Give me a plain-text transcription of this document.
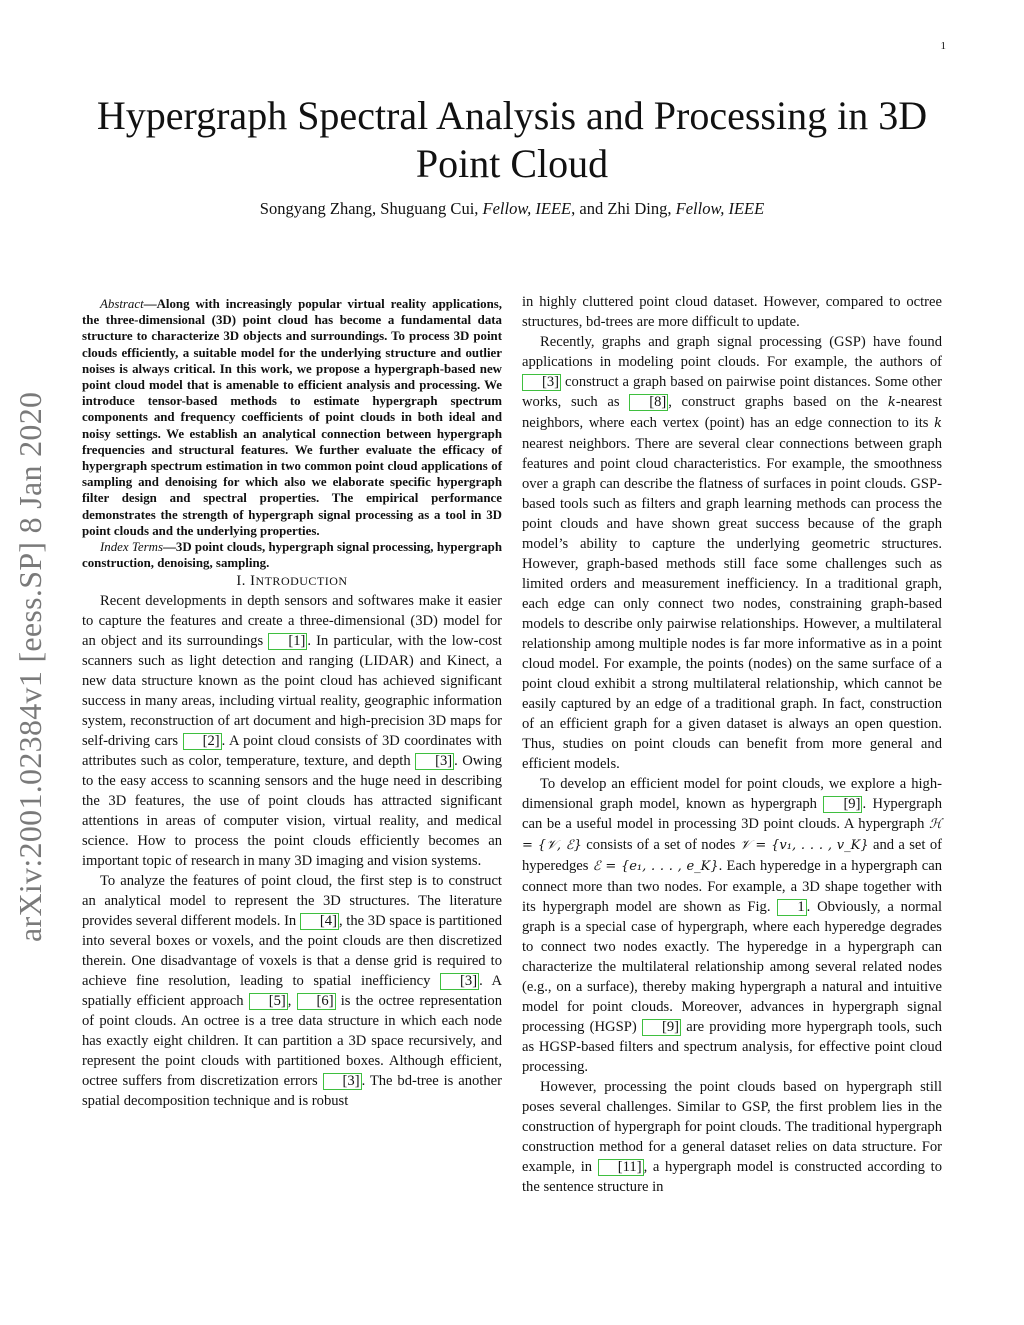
1
Hypergraph Spectral Analysis and Processing in 3D Point Cloud
Songyang Zhang, Shuguang Cui, Fellow, IEEE, and Zhi Ding, Fellow, IEEE
arXiv:2001.02384v1 [eess.SP] 8 Jan 2020

Abstract—Along with increasingly popular virtual reality applications, the three-dimensional (3D) point cloud has become a fundamental data structure to characterize 3D objects and surroundings. To process 3D point clouds efficiently, a suitable model for the underlying structure and outlier noises is always critical. In this work, we propose a hypergraph-based new point cloud model that is amenable to efficient analysis and processing. We introduce tensor-based methods to estimate hypergraph spectrum components and frequency coefficients of point clouds in both ideal and noisy settings. We establish an analytical connection between hypergraph frequencies and structural features. We further evaluate the efficacy of hypergraph spectrum estimation in two common point cloud applications of sampling and denoising for which also we elaborate specific hypergraph filter design and spectral properties. The empirical performance demonstrates the strength of hypergraph signal processing as a tool in 3D point clouds and the underlying properties.

Index Terms—3D point clouds, hypergraph signal processing, hypergraph construction, denoising, sampling.

I. INTRODUCTION

Recent developments in depth sensors and softwares make it easier to capture the features and create a three-dimensional (3D) model for an object and its surroundings [1] . In particular, with the low-cost scanners such as light detection and ranging (LIDAR) and Kinect, a new data structure known as the point cloud has achieved significant success in many areas, including virtual reality, geographic information system, reconstruction of art document and high-precision 3D maps for self-driving cars [2] . A point cloud consists of 3D coordinates with attributes such as color, temperature, texture, and depth [3] . Owing to the easy access to scanning sensors and the huge need in describing the 3D features, the use of point clouds has attracted significant attentions in areas of computer vision, virtual reality, and medical science. How to process the point clouds efficiently becomes an important topic of research in many 3D imaging and vision systems.

To analyze the features of point cloud, the first step is to construct an analytical model to represent the 3D structures. The literature provides several different models. In [4] , the 3D space is partitioned into several boxes or voxels, and the point clouds are then discretized therein. One disadvantage of voxels is that a dense grid is required to achieve fine resolution, leading to spatial inefficiency [3] . A spatially efficient approach [5] , [6] is the octree representation of point clouds. An octree is a tree data structure in which each node has exactly eight children. It can partition a 3D space recursively, and represent the point clouds with partitioned boxes. Although efficient, octree suffers from discretization errors [3] . The bd-tree is another spatial decomposition technique and is robust

in highly cluttered point cloud dataset. However, compared to octree structures, bd-trees are more difficult to update.

Recently, graphs and graph signal processing (GSP) have found applications in modeling point clouds. For example, the authors of [3] construct a graph based on pairwise point distances. Some other works, such as [8] , construct graphs based on the k-nearest neighbors, where each vertex (point) has an edge connection to its k nearest neighbors. There are several clear connections between graph features and point cloud characteristics. For example, the smoothness over a graph can describe the flatness of surfaces in point clouds. GSP-based tools such as filters and graph learning methods can process the point clouds and have shown great success because of the graph model’s ability to capture the underlying geometric structures. However, graph-based methods still face some challenges such as limited orders and measurement inefficiency. In a traditional graph, each edge can only connect two nodes, constraining graph-based models to describe only pairwise relationships. However, a multilateral relationship among multiple nodes is far more informative as in a point cloud model. For example, the points (nodes) on the same surface of a point cloud exhibit a strong multilateral relationship, which cannot be easily captured by an edge of a traditional graph. In fact, construction of an efficient graph for a given dataset is always an open question. Thus, studies on point clouds can benefit from more general and efficient models.

To develop an efficient model for point clouds, we explore a high-dimensional graph model, known as hypergraph [9] . Hypergraph can be a useful model in processing 3D point clouds. A hypergraph ℋ = {𝒱, ℰ} consists of a set of nodes 𝒱 = {v₁, . . . , v_K} and a set of hyperedges ℰ = {e₁, . . . , e_K}. Each hyperedge in a hypergraph can connect more than two nodes. For example, a 3D shape together with its hypergraph model are shown as Fig. 1 . Obviously, a normal graph is a special case of hypergraph, where each hyperedge degrades to connect two nodes exactly. The hyperedge in a hypergraph can characterize the multilateral relationship among several related nodes (e.g., on a surface), thereby making hypergraph a natural and intuitive model for point clouds. Moreover, advances in hypergraph signal processing (HGSP) [9] are providing more hypergraph tools, such as HGSP-based filters and spectrum analysis, for effective point cloud processing.

However, processing the point clouds based on hypergraph still poses several challenges. Similar to GSP, the first problem lies in the construction of hypergraph for point clouds. The traditional hypergraph construction method for a general dataset relies on data structure. For example, in [11] , a hypergraph model is constructed according to the sentence structure in
